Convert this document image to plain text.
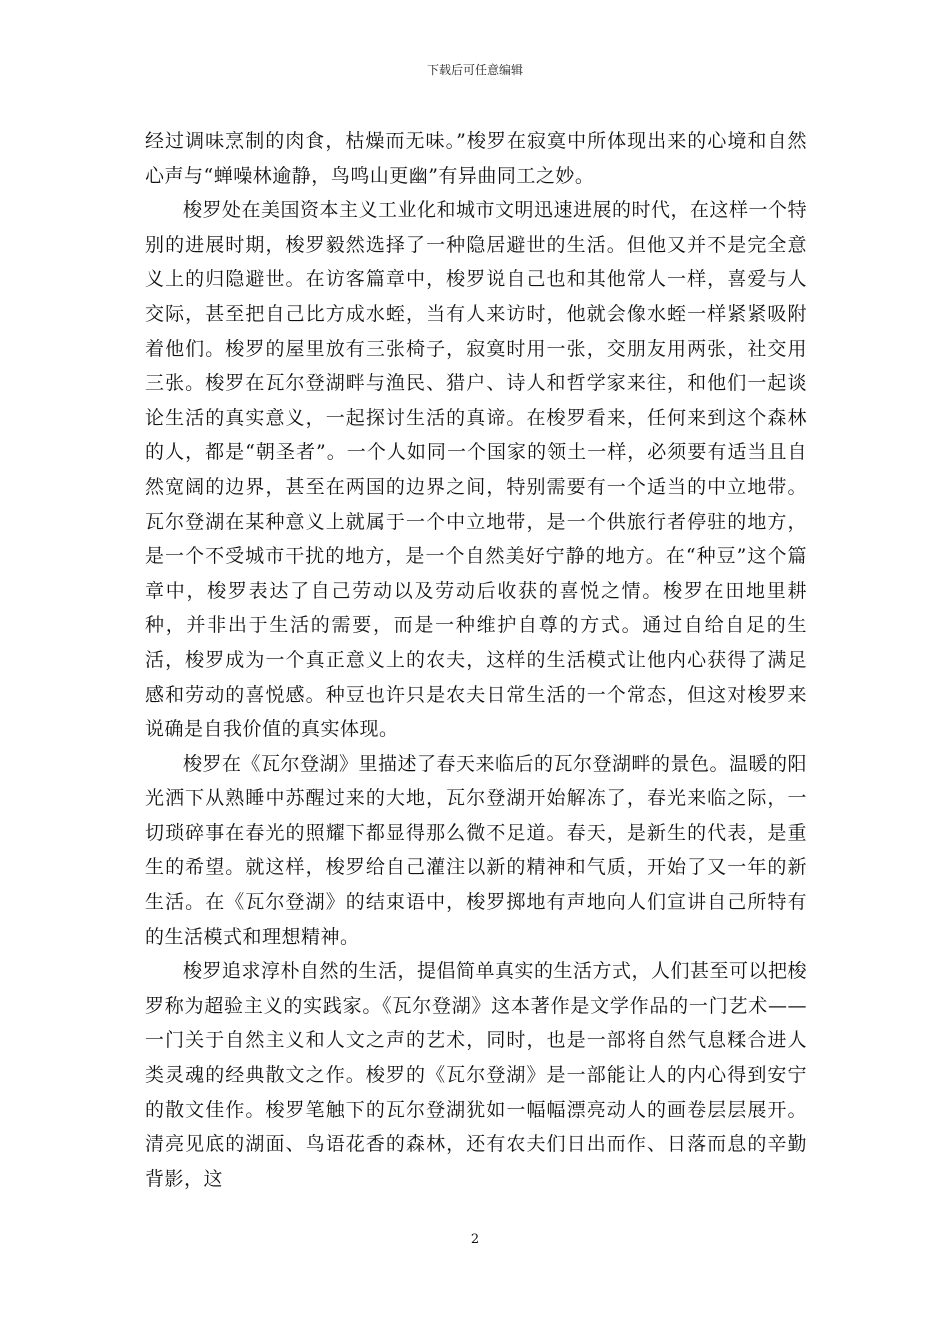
下载后可任意编辑

经过调味烹制的肉食，枯燥而无味。”梭罗在寂寞中所体现出来的心境和自然心声与“蝉噪林逾静，鸟鸣山更幽”有异曲同工之妙。

梭罗处在美国资本主义工业化和城市文明迅速进展的时代，在这样一个特别的进展时期，梭罗毅然选择了一种隐居避世的生活。但他又并不是完全意义上的归隐避世。在访客篇章中，梭罗说自己也和其他常人一样，喜爱与人交际，甚至把自己比方成水蛭，当有人来访时，他就会像水蛭一样紧紧吸附着他们。梭罗的屋里放有三张椅子，寂寞时用一张，交朋友用两张，社交用三张。梭罗在瓦尔登湖畔与渔民、猎户、诗人和哲学家来往，和他们一起谈论生活的真实意义，一起探讨生活的真谛。在梭罗看来，任何来到这个森林的人，都是“朝圣者”。一个人如同一个国家的领土一样，必须要有适当且自然宽阔的边界，甚至在两国的边界之间，特别需要有一个适当的中立地带。瓦尔登湖在某种意义上就属于一个中立地带，是一个供旅行者停驻的地方，是一个不受城市干扰的地方，是一个自然美好宁静的地方。在“种豆”这个篇章中，梭罗表达了自己劳动以及劳动后收获的喜悦之情。梭罗在田地里耕种，并非出于生活的需要，而是一种维护自尊的方式。通过自给自足的生活，梭罗成为一个真正意义上的农夫，这样的生活模式让他内心获得了满足感和劳动的喜悦感。种豆也许只是农夫日常生活的一个常态，但这对梭罗来说确是自我价值的真实体现。

梭罗在《瓦尔登湖》里描述了春天来临后的瓦尔登湖畔的景色。温暖的阳光洒下从熟睡中苏醒过来的大地，瓦尔登湖开始解冻了，春光来临之际，一切琐碎事在春光的照耀下都显得那么微不足道。春天，是新生的代表，是重生的希望。就这样，梭罗给自己灌注以新的精神和气质，开始了又一年的新生活。在《瓦尔登湖》的结束语中，梭罗掷地有声地向人们宣讲自己所特有的生活模式和理想精神。

梭罗追求淳朴自然的生活，提倡简单真实的生活方式，人们甚至可以把梭罗称为超验主义的实践家。《瓦尔登湖》这本著作是文学作品的一门艺术——一门关于自然主义和人文之声的艺术，同时，也是一部将自然气息糅合进人类灵魂的经典散文之作。梭罗的《瓦尔登湖》是一部能让人的内心得到安宁的散文佳作。梭罗笔触下的瓦尔登湖犹如一幅幅漂亮动人的画卷层层展开。清亮见底的湖面、鸟语花香的森林，还有农夫们日出而作、日落而息的辛勤背影，这

2
